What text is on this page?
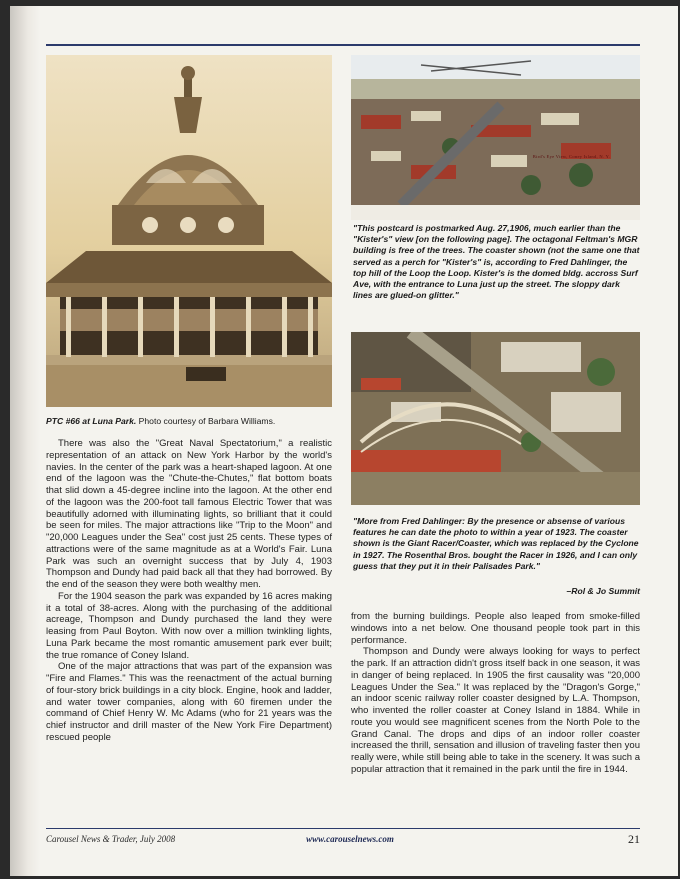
PTC #66 at Luna Park. Photo courtesy of Barbara Williams.
Bird's Eye View, Coney Island, N. Y.
"This postcard is postmarked Aug. 27,1906, much earlier than the "Kister's" view [on the following page]. The octagonal Feltman's MGR building is free of the trees. The coaster shown (not the same one that served as a perch for "Kister's" is, according to Fred Dahlinger, the top hill of the Loop the Loop. Kister's is the domed bldg. accross Surf Ave, with the entrance to Luna just up the street. The sloppy dark lines are glued-on glitter."
"More from Fred Dahlinger: By the presence or absense of various features he can date the photo to within a year of 1923. The coaster shown is the Giant Racer/Coaster, which was replaced by the Cyclone in 1927. The Rosenthal Bros. bought the Racer in 1926, and I can only guess that they put it in their Palisades Park."
–Rol & Jo Summit

There was also the "Great Naval Spectatorium," a realistic representation of an attack on New York Harbor by the world's navies. In the center of the park was a heart-shaped lagoon. At one end of the lagoon was the "Chute-the-Chutes," flat bottom boats that slid down a 45-degree incline into the lagoon. At the other end of the lagoon was the 200-foot tall famous Electric Tower that was beautifully adorned with illuminating lights, so brilliant that it could be seen for miles. The major attractions like "Trip to the Moon" and "20,000 Leagues under the Sea" cost just 25 cents. These types of attractions were of the same magnitude as at a World's Fair. Luna Park was such an overnight success that by July 4, 1903 Thompson and Dundy had paid back all that they had borrowed. By the end of the season they were both wealthy men.

For the 1904 season the park was expanded by 16 acres making it a total of 38-acres. Along with the purchasing of the additional acreage, Thompson and Dundy purchased the land they were leasing from Paul Boyton. With now over a million twinkling lights, Luna Park became the most romantic amusement park ever built; the true romance of Coney Island.

One of the major attractions that was part of the expansion was "Fire and Flames." This was the reenactment of the actual burning of four-story brick buildings in a city block. Engine, hook and ladder, and water tower companies, along with 60 firemen under the command of Chief Henry W. Mc Adams (who for 21 years was the chief instructor and drill master of the New York Fire Department) rescued people

from the burning buildings. People also leaped from smoke-filled windows into a net below. One thousand people took part in this performance.

Thompson and Dundy were always looking for ways to perfect the park. If an attraction didn't gross itself back in one season, it was in danger of being replaced. In 1905 the first causality was "20,000 Leagues Under the Sea." It was replaced by the "Dragon's Gorge," an indoor scenic railway roller coaster designed by L.A. Thompson, who invented the roller coaster at Coney Island in 1884. While in route you would see magnificent scenes from the North Pole to the Grand Canal. The drops and dips of an indoor roller coaster increased the thrill, sensation and illusion of traveling faster then you really were, while still being able to take in the scenery. It was such a popular attraction that it remained in the park until the fire in 1944.

Carousel News & Trader, July 2008	www.carouselnews.com	21
